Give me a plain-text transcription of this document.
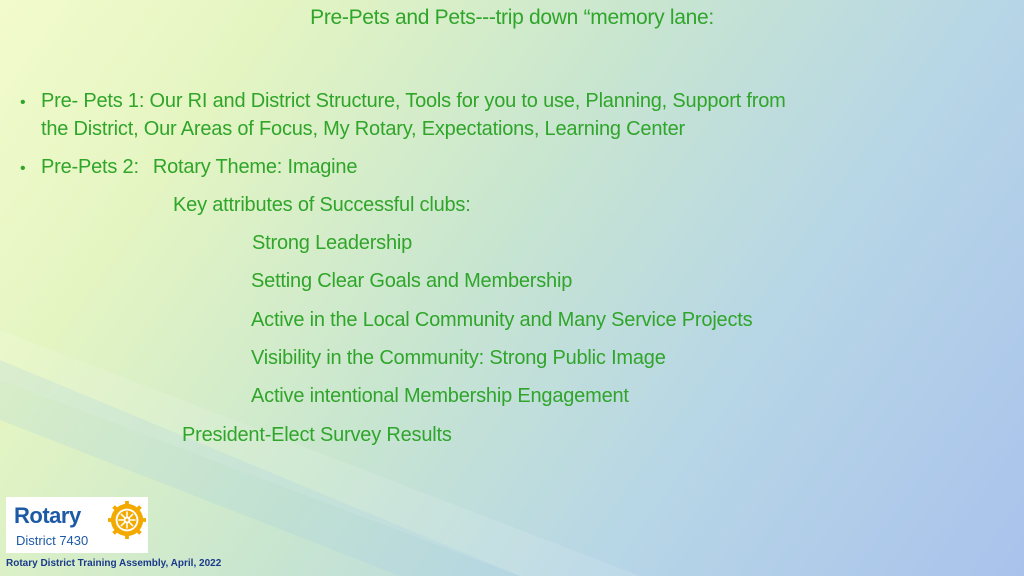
Pre-Pets and Pets---trip down “memory lane:
• Pre- Pets 1: Our RI and District Structure, Tools for you to use, Planning, Support from
the District, Our Areas of Focus, My Rotary, Expectations, Learning Center
• Pre-Pets 2: Rotary Theme: Imagine
Key attributes of Successful clubs:
Strong Leadership
Setting Clear Goals and Membership
Active in the Local Community and Many Service Projects
Visibility in the Community: Strong Public Image
Active intentional Membership Engagement
President-Elect Survey Results
Rotary
District 7430
Rotary District Training Assembly, April, 2022
